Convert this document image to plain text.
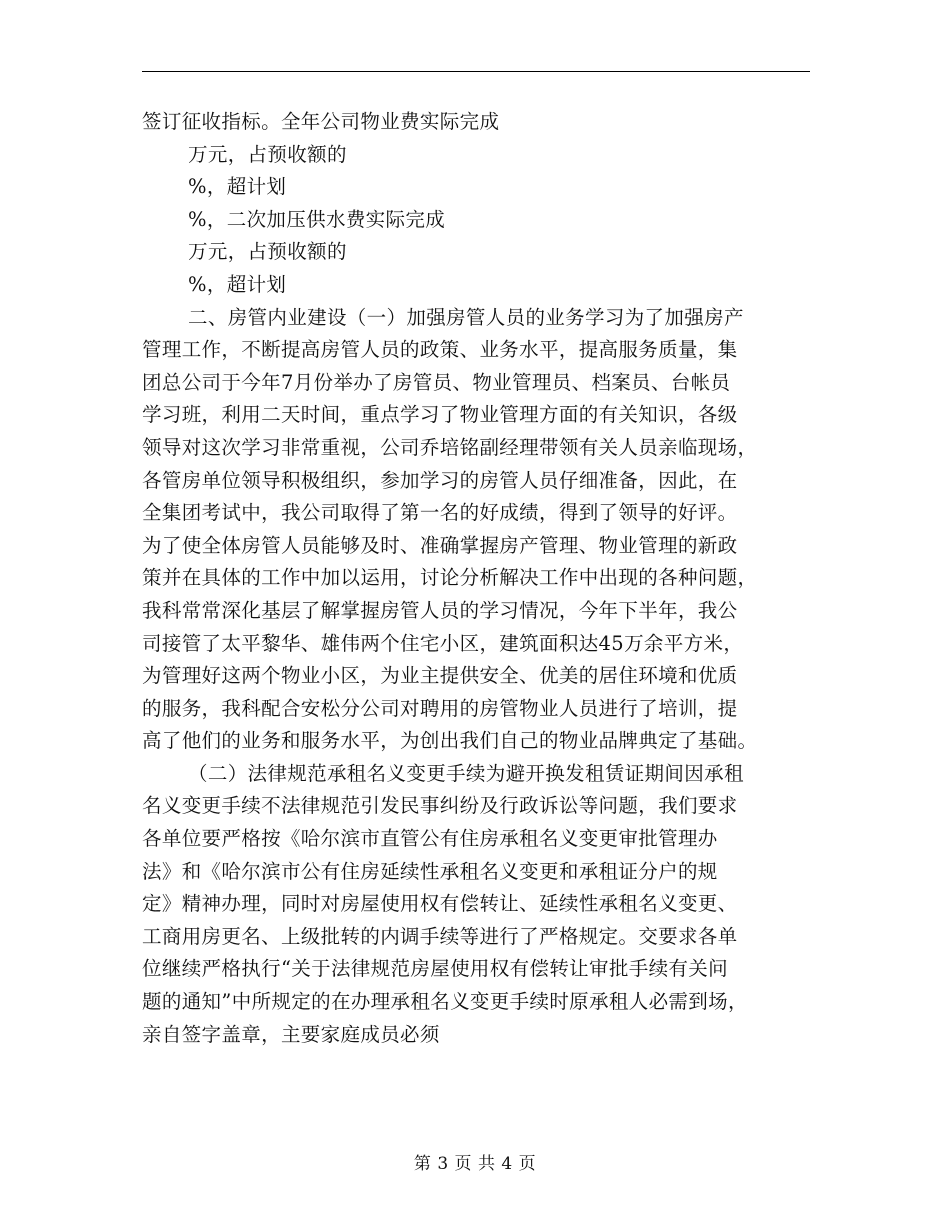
签订征收指标。全年公司物业费实际完成
万元，占预收额的
%，超计划
%，二次加压供水费实际完成
万元，占预收额的
%，超计划
二、房管内业建设（一）加强房管人员的业务学习为了加强房产
管理工作，不断提高房管人员的政策、业务水平，提高服务质量，集
团总公司于今年7月份举办了房管员、物业管理员、档案员、台帐员
学习班，利用二天时间，重点学习了物业管理方面的有关知识，各级
领导对这次学习非常重视，公司乔培铭副经理带领有关人员亲临现场，
各管房单位领导积极组织，参加学习的房管人员仔细准备，因此，在
全集团考试中，我公司取得了第一名的好成绩，得到了领导的好评。
为了使全体房管人员能够及时、准确掌握房产管理、物业管理的新政
策并在具体的工作中加以运用，讨论分析解决工作中出现的各种问题，
我科常常深化基层了解掌握房管人员的学习情况，今年下半年，我公
司接管了太平黎华、雄伟两个住宅小区，建筑面积达45万余平方米，
为管理好这两个物业小区，为业主提供安全、优美的居住环境和优质
的服务，我科配合安松分公司对聘用的房管物业人员进行了培训，提
高了他们的业务和服务水平，为创出我们自己的物业品牌典定了基础。
（二）法律规范承租名义变更手续为避开换发租赁证期间因承租
名义变更手续不法律规范引发民事纠纷及行政诉讼等问题，我们要求
各单位要严格按《哈尔滨市直管公有住房承租名义变更审批管理办
法》和《哈尔滨市公有住房延续性承租名义变更和承租证分户的规
定》精神办理，同时对房屋使用权有偿转让、延续性承租名义变更、
工商用房更名、上级批转的内调手续等进行了严格规定。交要求各单
位继续严格执行“关于法律规范房屋使用权有偿转让审批手续有关问
题的通知”中所规定的在办理承租名义变更手续时原承租人必需到场，
亲自签字盖章，主要家庭成员必须
第 3 页 共 4 页
